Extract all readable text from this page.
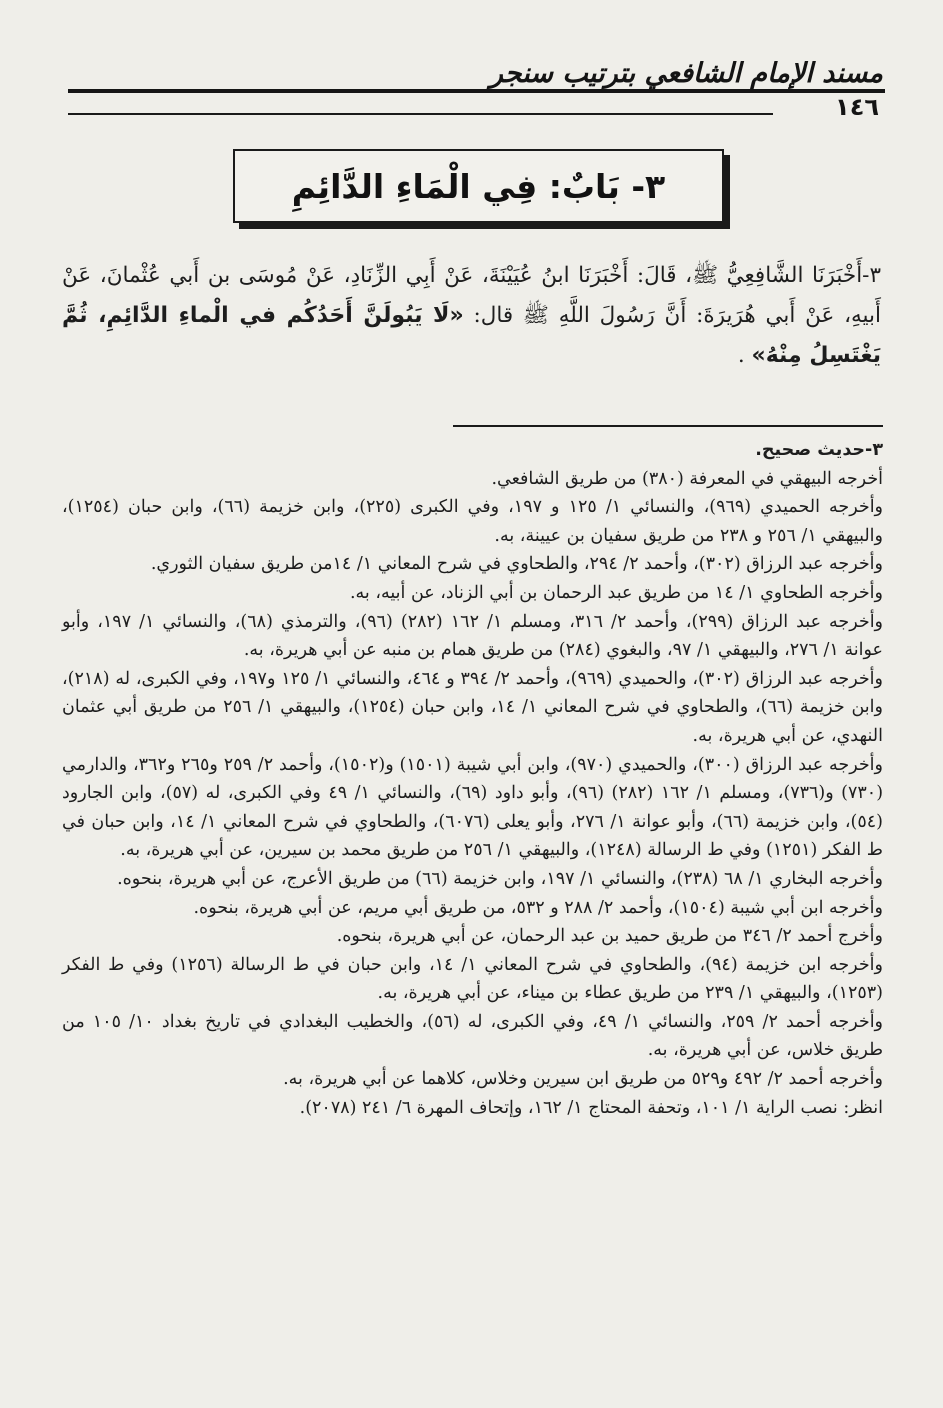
مسند الإمام الشافعي بترتيب سنجر
١٤٦
٣- بَابٌ: فِي الْمَاءِ الدَّائِمِ
٣-أَخْبَرَنَا الشَّافِعِيُّ ﷺ، قَالَ: أَخْبَرَنَا ابنُ عُيَيْنَةَ، عَنْ أَبِي الزِّنَادِ، عَنْ مُوسَى بن أَبي عُثْمانَ، عَنْ أَبيهِ، عَنْ أَبي هُرَيرَةَ: أَنَّ رَسُولَ اللَّهِ ﷺ قال: «لَا يَبُولَنَّ أَحَدُكُم في الْماءِ الدَّائِمِ، ثُمَّ يَغْتَسِلُ مِنْهُ» .

٣-حديث صحيح.

أخرجه البيهقي في المعرفة (٣٨٠) من طريق الشافعي.

وأخرجه الحميدي (٩٦٩)، والنسائي ١/ ١٢٥ و ١٩٧، وفي الكبرى (٢٢٥)، وابن خزيمة (٦٦)، وابن حبان (١٢٥٤)، والبيهقي ١/ ٢٥٦ و ٢٣٨ من طريق سفيان بن عيينة، به.

وأخرجه عبد الرزاق (٣٠٢)، وأحمد ٢/ ٢٩٤، والطحاوي في شرح المعاني ١/ ١٤من طريق سفيان الثوري.

وأخرجه الطحاوي ١/ ١٤ من طريق عبد الرحمان بن أبي الزناد، عن أبيه، به.

وأخرجه عبد الرزاق (٢٩٩)، وأحمد ٢/ ٣١٦، ومسلم ١/ ١٦٢ (٢٨٢) (٩٦)، والترمذي (٦٨)، والنسائي ١/ ١٩٧، وأبو عوانة ١/ ٢٧٦، والبيهقي ١/ ٩٧، والبغوي (٢٨٤) من طريق همام بن منبه عن أبي هريرة، به.

وأخرجه عبد الرزاق (٣٠٢)، والحميدي (٩٦٩)، وأحمد ٢/ ٣٩٤ و ٤٦٤، والنسائي ١/ ١٢٥ و١٩٧، وفي الكبرى، له (٢١٨)، وابن خزيمة (٦٦)، والطحاوي في شرح المعاني ١/ ١٤، وابن حبان (١٢٥٤)، والبيهقي ١/ ٢٥٦ من طريق أبي عثمان النهدي، عن أبي هريرة، به.

وأخرجه عبد الرزاق (٣٠٠)، والحميدي (٩٧٠)، وابن أبي شيبة (١٥٠١) و(١٥٠٢)، وأحمد ٢/ ٢٥٩ و٢٦٥ و٣٦٢، والدارمي (٧٣٠) و(٧٣٦)، ومسلم ١/ ١٦٢ (٢٨٢) (٩٦)، وأبو داود (٦٩)، والنسائي ١/ ٤٩ وفي الكبرى، له (٥٧)، وابن الجارود (٥٤)، وابن خزيمة (٦٦)، وأبو عوانة ١/ ٢٧٦، وأبو يعلى (٦٠٧٦)، والطحاوي في شرح المعاني ١/ ١٤، وابن حبان في ط الفكر (١٢٥١) وفي ط الرسالة (١٢٤٨)، والبيهقي ١/ ٢٥٦ من طريق محمد بن سيرين، عن أبي هريرة، به.

وأخرجه البخاري ١/ ٦٨ (٢٣٨)، والنسائي ١/ ١٩٧، وابن خزيمة (٦٦) من طريق الأعرج، عن أبي هريرة، بنحوه.

وأخرجه ابن أبي شيبة (١٥٠٤)، وأحمد ٢/ ٢٨٨ و ٥٣٢، من طريق أبي مريم، عن أبي هريرة، بنحوه.

وأخرج أحمد ٢/ ٣٤٦ من طريق حميد بن عبد الرحمان، عن أبي هريرة، بنحوه.

وأخرجه ابن خزيمة (٩٤)، والطحاوي في شرح المعاني ١/ ١٤، وابن حبان في ط الرسالة (١٢٥٦) وفي ط الفكر (١٢٥٣)، والبيهقي ١/ ٢٣٩ من طريق عطاء بن ميناء، عن أبي هريرة، به.

وأخرجه أحمد ٢/ ٢٥٩، والنسائي ١/ ٤٩، وفي الكبرى، له (٥٦)، والخطيب البغدادي في تاريخ بغداد ١٠/ ١٠٥ من طريق خلاس، عن أبي هريرة، به.

وأخرجه أحمد ٢/ ٤٩٢ و٥٢٩ من طريق ابن سيرين وخلاس، كلاهما عن أبي هريرة، به.

انظر: نصب الراية ١/ ١٠١، وتحفة المحتاج ١/ ١٦٢، وإتحاف المهرة ٦/ ٢٤١ (٢٠٧٨).
